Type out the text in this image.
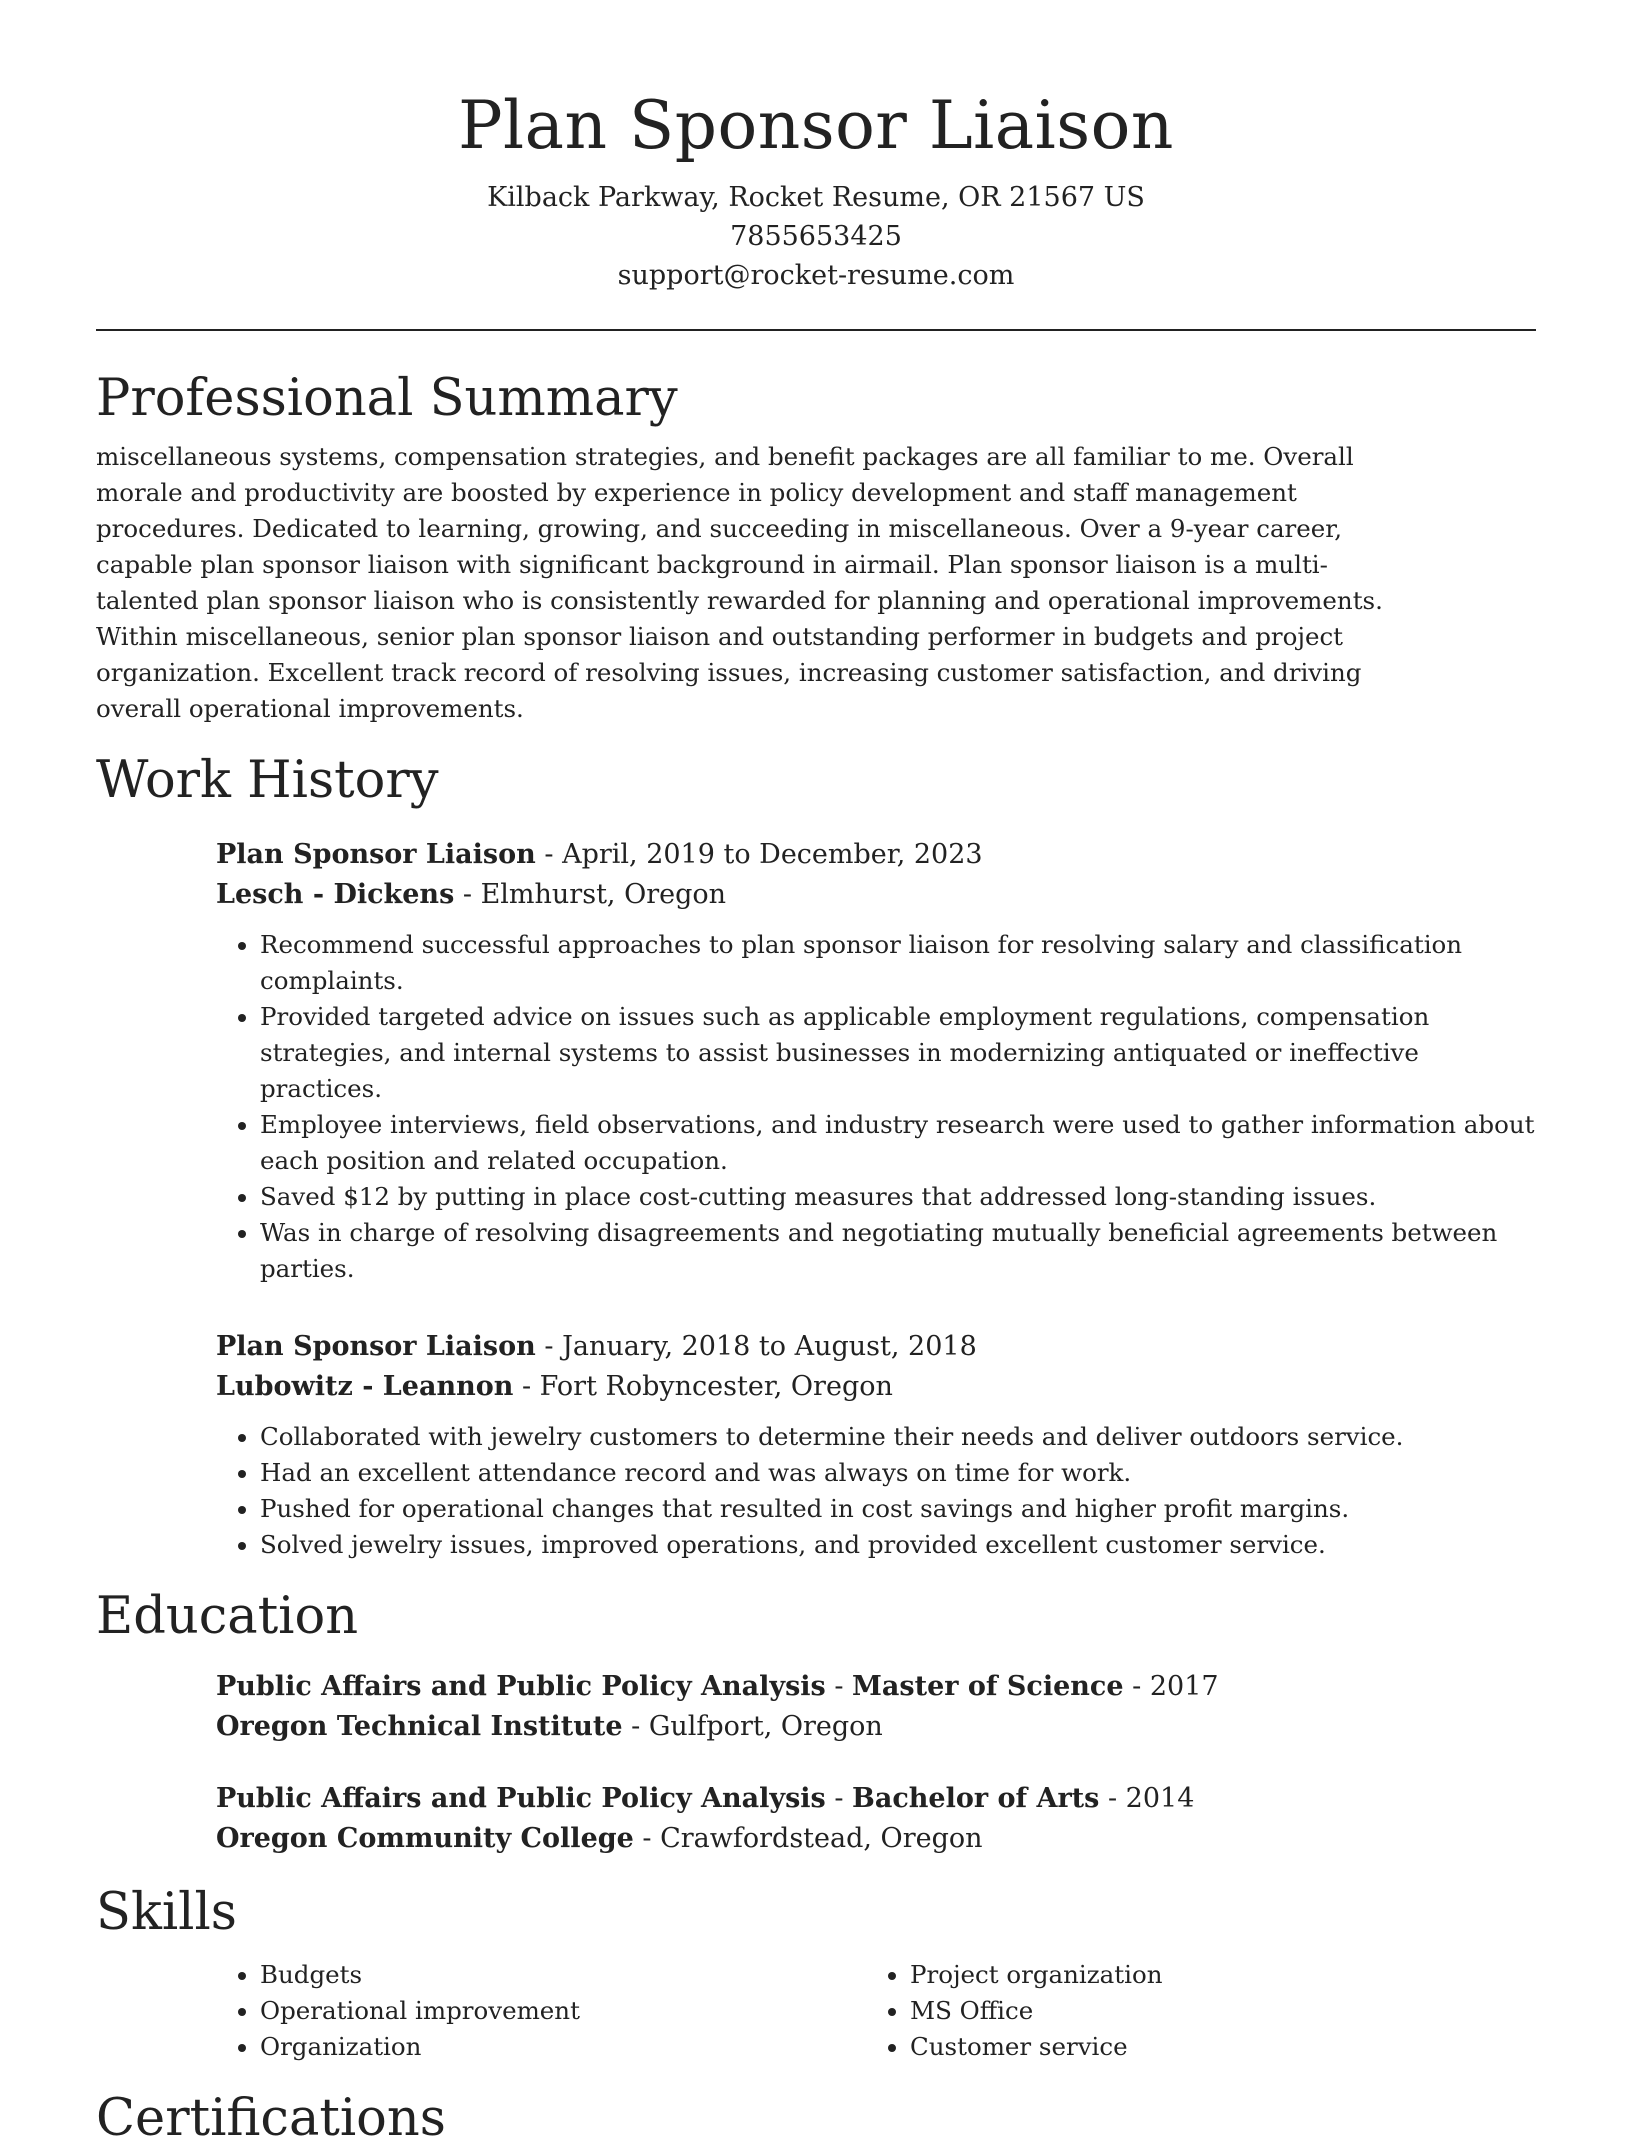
Plan Sponsor Liaison
Kilback Parkway, Rocket Resume, OR 21567 US
7855653425
support@rocket-resume.com
Professional Summary

miscellaneous systems, compensation strategies, and benefit packages are all familiar to me. Overall morale and productivity are boosted by experience in policy development and staff management procedures. Dedicated to learning, growing, and succeeding in miscellaneous. Over a 9-year career, capable plan sponsor liaison with significant background in airmail. Plan sponsor liaison is a multi-talented plan sponsor liaison who is consistently rewarded for planning and operational improvements. Within miscellaneous, senior plan sponsor liaison and outstanding performer in budgets and project organization. Excellent track record of resolving issues, increasing customer satisfaction, and driving overall operational improvements.

Work History
Plan Sponsor Liaison - April, 2019 to December, 2023
Lesch - Dickens - Elmhurst, Oregon
• Recommend successful approaches to plan sponsor liaison for resolving salary and classification complaints.
• Provided targeted advice on issues such as applicable employment regulations, compensation strategies, and internal systems to assist businesses in modernizing antiquated or ineffective practices.
• Employee interviews, field observations, and industry research were used to gather information about each position and related occupation.
• Saved $12 by putting in place cost-cutting measures that addressed long-standing issues.
• Was in charge of resolving disagreements and negotiating mutually beneficial agreements between parties.
Plan Sponsor Liaison - January, 2018 to August, 2018
Lubowitz - Leannon - Fort Robyncester, Oregon
• Collaborated with jewelry customers to determine their needs and deliver outdoors service.
• Had an excellent attendance record and was always on time for work.
• Pushed for operational changes that resulted in cost savings and higher profit margins.
• Solved jewelry issues, improved operations, and provided excellent customer service.
Education
Public Affairs and Public Policy Analysis - Master of Science - 2017
Oregon Technical Institute - Gulfport, Oregon
Public Affairs and Public Policy Analysis - Bachelor of Arts - 2014
Oregon Community College - Crawfordstead, Oregon
Skills
• Budgets
• Operational improvement
• Organization
• Project organization
• MS Office
• Customer service
Certifications
